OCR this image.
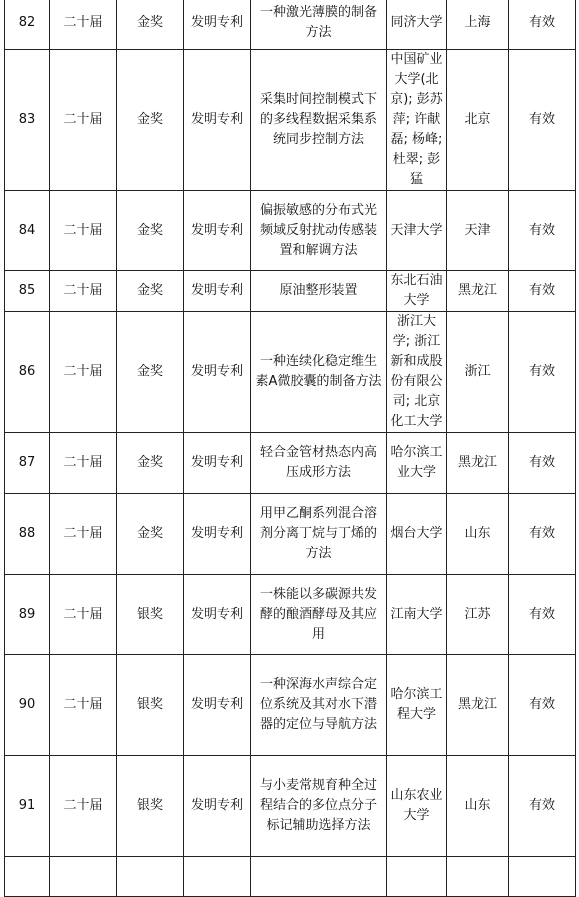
82	二十届	金奖	发明专利	一种激光薄膜的制备方法	同济大学	上海	有效
83	二十届	金奖	发明专利	采集时间控制模式下的多线程数据采集系统同步控制方法	中国矿业大学(北京); 彭苏萍; 许献磊; 杨峰; 杜翠; 彭猛	北京	有效
84	二十届	金奖	发明专利	偏振敏感的分布式光频域反射扰动传感装置和解调方法	天津大学	天津	有效
85	二十届	金奖	发明专利	原油整形装置	东北石油大学	黑龙江	有效
86	二十届	金奖	发明专利	一种连续化稳定维生素A微胶囊的制备方法	浙江大学; 浙江新和成股份有限公司; 北京化工大学	浙江	有效
87	二十届	金奖	发明专利	轻合金管材热态内高压成形方法	哈尔滨工业大学	黑龙江	有效
88	二十届	金奖	发明专利	用甲乙酮系列混合溶剂分离丁烷与丁烯的方法	烟台大学	山东	有效
89	二十届	银奖	发明专利	一株能以多碳源共发酵的酿酒酵母及其应用	江南大学	江苏	有效
90	二十届	银奖	发明专利	一种深海水声综合定位系统及其对水下潜器的定位与导航方法	哈尔滨工程大学	黑龙江	有效
91	二十届	银奖	发明专利	与小麦常规育种全过程结合的多位点分子标记辅助选择方法	山东农业大学	山东	有效
